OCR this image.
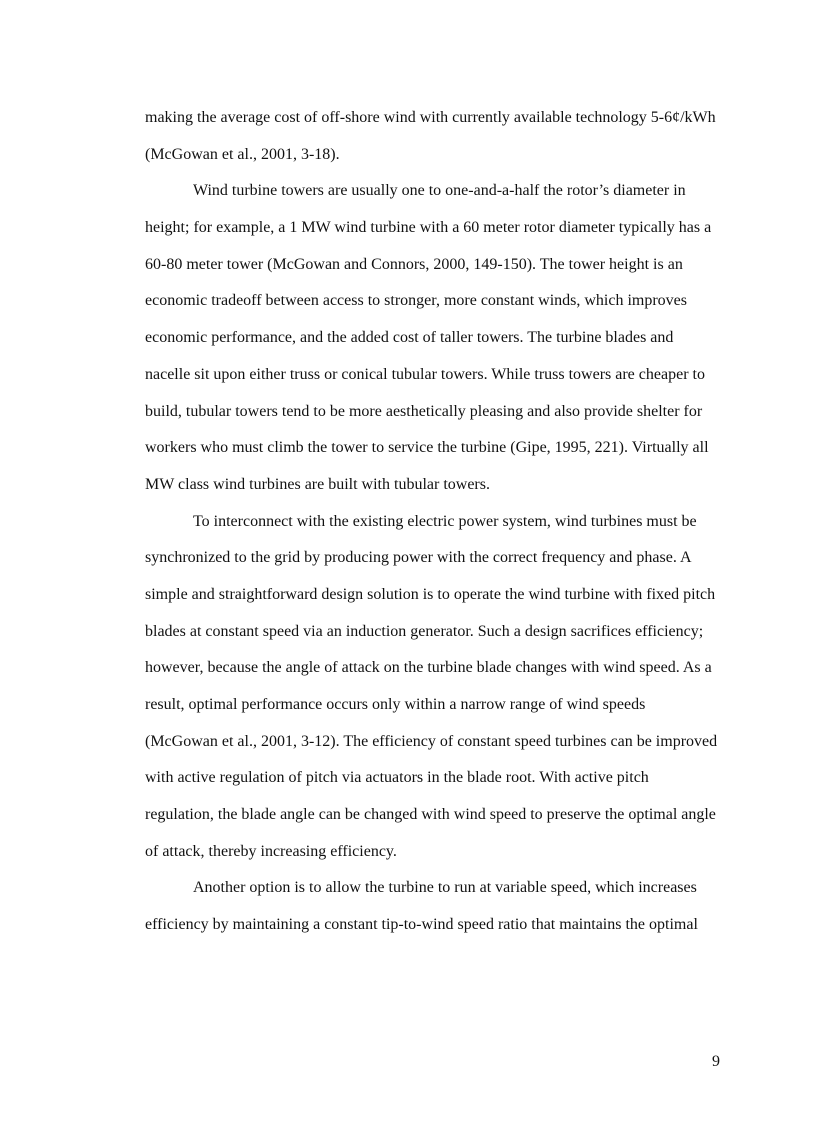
making the average cost of off-shore wind with currently available technology 5-6¢/kWh
(McGowan et al., 2001, 3-18).
Wind turbine towers are usually one to one-and-a-half the rotor’s diameter in
height; for example, a 1 MW wind turbine with a 60 meter rotor diameter typically has a
60-80 meter tower (McGowan and Connors, 2000, 149-150). The tower height is an
economic tradeoff between access to stronger, more constant winds, which improves
economic performance, and the added cost of taller towers. The turbine blades and
nacelle sit upon either truss or conical tubular towers. While truss towers are cheaper to
build, tubular towers tend to be more aesthetically pleasing and also provide shelter for
workers who must climb the tower to service the turbine (Gipe, 1995, 221). Virtually all
MW class wind turbines are built with tubular towers.
To interconnect with the existing electric power system, wind turbines must be
synchronized to the grid by producing power with the correct frequency and phase. A
simple and straightforward design solution is to operate the wind turbine with fixed pitch
blades at constant speed via an induction generator. Such a design sacrifices efficiency;
however, because the angle of attack on the turbine blade changes with wind speed. As a
result, optimal performance occurs only within a narrow range of wind speeds
(McGowan et al., 2001, 3-12). The efficiency of constant speed turbines can be improved
with active regulation of pitch via actuators in the blade root. With active pitch
regulation, the blade angle can be changed with wind speed to preserve the optimal angle
of attack, thereby increasing efficiency.
Another option is to allow the turbine to run at variable speed, which increases
efficiency by maintaining a constant tip-to-wind speed ratio that maintains the optimal
9
